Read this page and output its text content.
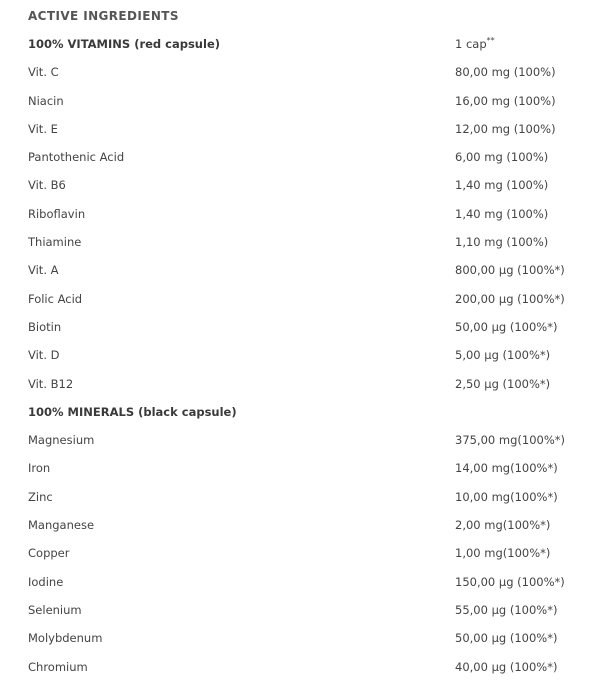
ACTIVE INGREDIENTS
100% VITAMINS (red capsule)	1 cap**
Vit. C	80,00 mg (100%)
Niacin	16,00 mg (100%)
Vit. E	12,00 mg (100%)
Pantothenic Acid	6,00 mg (100%)
Vit. B6	1,40 mg (100%)
Riboflavin	1,40 mg (100%)
Thiamine	1,10 mg (100%)
Vit. A	800,00 µg (100%*)
Folic Acid	200,00 µg (100%*)
Biotin	50,00 µg (100%*)
Vit. D	5,00 µg (100%*)
Vit. B12	2,50 µg (100%*)
100% MINERALS (black capsule)
Magnesium	375,00 mg(100%*)
Iron	14,00 mg(100%*)
Zinc	10,00 mg(100%*)
Manganese	2,00 mg(100%*)
Copper	1,00 mg(100%*)
Iodine	150,00 µg (100%*)
Selenium	55,00 µg (100%*)
Molybdenum	50,00 µg (100%*)
Chromium	40,00 µg (100%*)
